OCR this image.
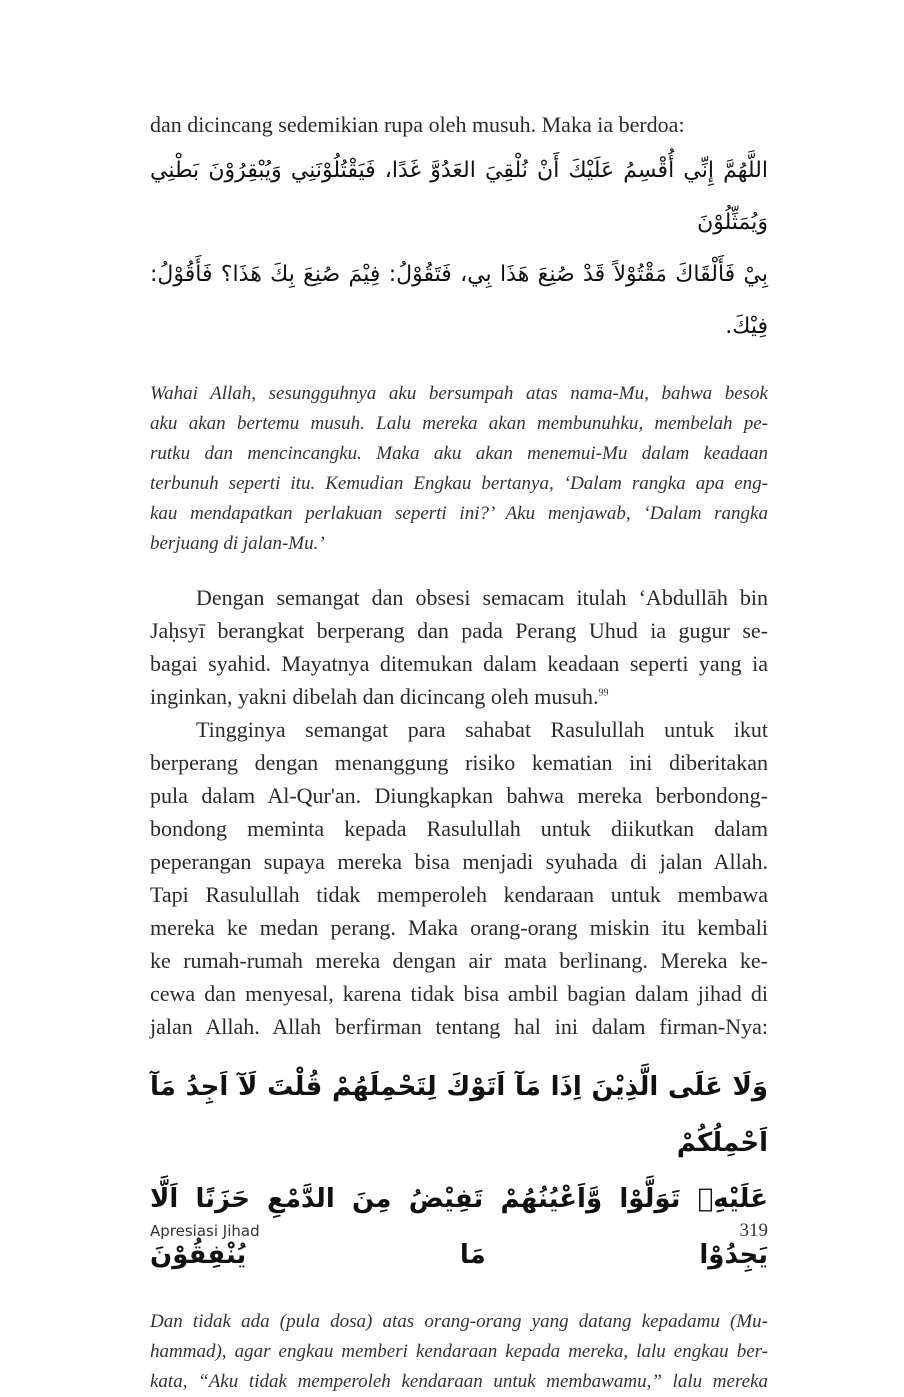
dan dicincang sedemikian rupa oleh musuh. Maka ia berdoa:
اللَّهُمَّ إِنِّي أُقْسِمُ عَلَيْكَ أَنْ نُلْقِيَ العَدُوَّ غَدًا، فَيَقْتُلُوْنَنِي وَيُبْقِرُوْنَ بَطْنِي وَيُمَثِّلُوْنَ
بِيْ فَأَلْقَاكَ مَقْتُوْلاً قَدْ صُنِعَ هَذَا بِي، فَتَقُوْلُ: فِيْمَ صُنِعَ بِكَ هَذَا؟ فَأَقُوْلُ: فِيْكَ.
Wahai Allah, sesungguhnya aku bersumpah atas nama-Mu, bahwa besok
aku akan bertemu musuh. Lalu mereka akan membunuhku, membelah pe-
rutku dan mencincangku. Maka aku akan menemui-Mu dalam keadaan
terbunuh seperti itu. Kemudian Engkau bertanya, ‘Dalam rangka apa eng-
kau mendapatkan perlakuan seperti ini?’ Aku menjawab, ‘Dalam rangka
berjuang di jalan-Mu.’
Dengan semangat dan obsesi semacam itulah ‘Abdullāh bin
Jaḥsyī berangkat berperang dan pada Perang Uhud ia gugur se-
bagai syahid. Mayatnya ditemukan dalam keadaan seperti yang ia
inginkan, yakni dibelah dan dicincang oleh musuh.$^{99}$
Tingginya semangat para sahabat Rasulullah untuk ikut
berperang dengan menanggung risiko kematian ini diberitakan
pula dalam Al-Qur'an. Diungkapkan bahwa mereka berbondong-
bondong meminta kepada Rasulullah untuk diikutkan dalam
peperangan supaya mereka bisa menjadi syuhada di jalan Allah.
Tapi Rasulullah tidak memperoleh kendaraan untuk membawa
mereka ke medan perang. Maka orang-orang miskin itu kembali
ke rumah-rumah mereka dengan air mata berlinang. Mereka ke-
cewa dan menyesal, karena tidak bisa ambil bagian dalam jihad di
jalan Allah. Allah berfirman tentang hal ini dalam firman-Nya:
وَلَا عَلَى الَّذِيْنَ اِذَا مَآ اَتَوْكَ لِتَحْمِلَهُمْ قُلْتَ لَآ اَجِدُ مَآ اَحْمِلُكُمْ
عَلَيْهِۖ تَوَلَّوْا وَّاَعْيُنُهُمْ تَفِيْضُ مِنَ الدَّمْعِ حَزَنًا اَلَّا يَجِدُوْا مَا يُنْفِقُوْنَ
Dan tidak ada (pula dosa) atas orang-orang yang datang kepadamu (Mu-
hammad), agar engkau memberi kendaraan kepada mereka, lalu engkau ber-
kata, “Aku tidak memperoleh kendaraan untuk membawamu,” lalu mereka
Apresiasi Jihad	319
